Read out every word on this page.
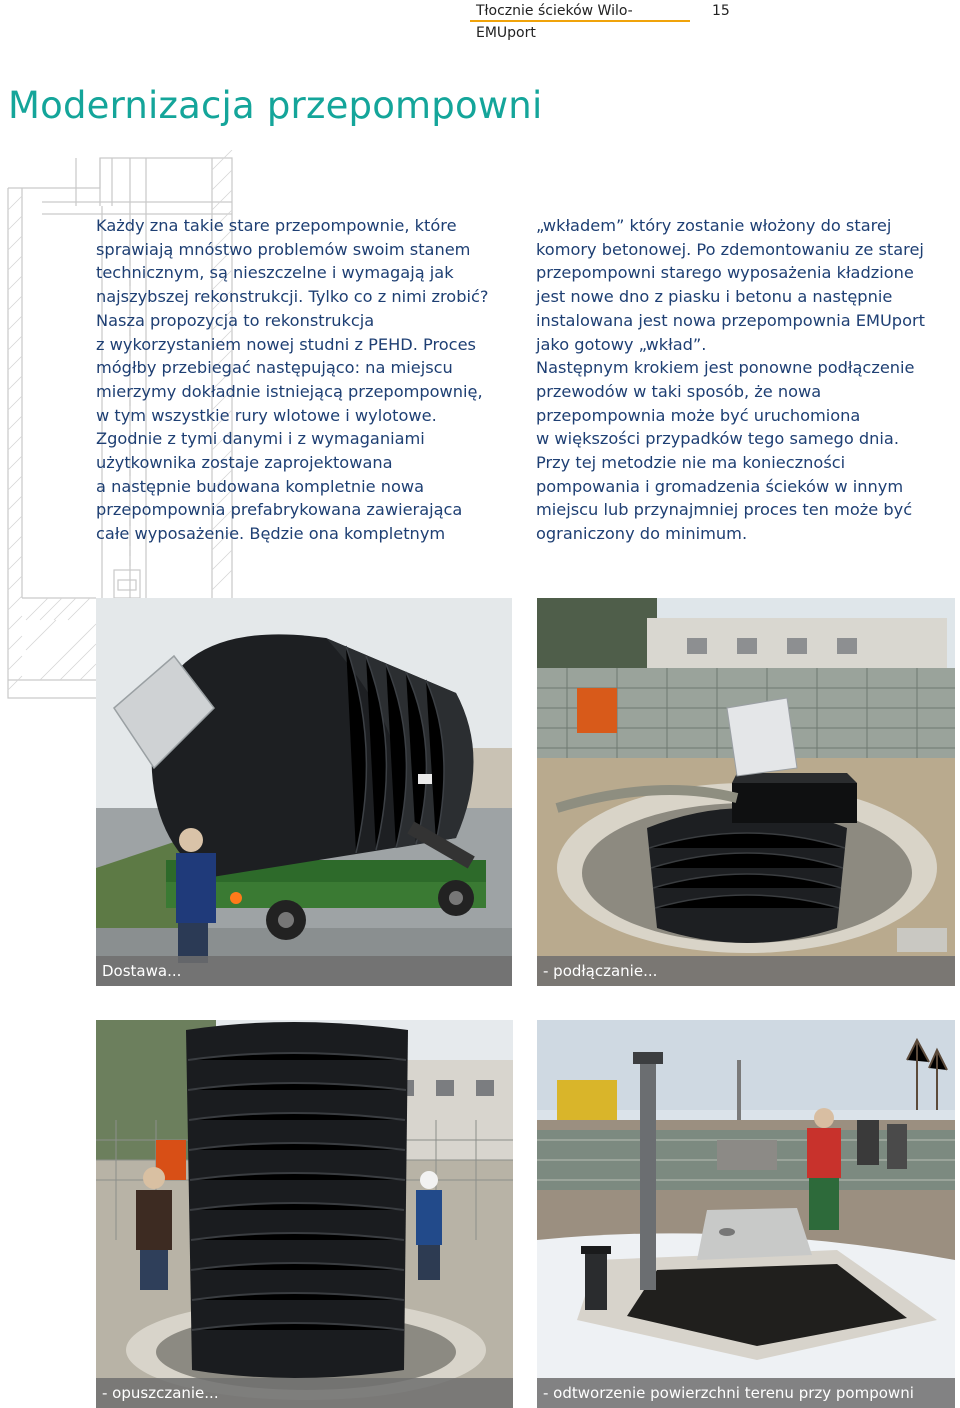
Tłocznie ścieków Wilo-EMUport
15
Modernizacja przepompowni

Każdy zna takie stare przepompownie, które

sprawiają mnóstwo problemów swoim stanem

technicznym, są nieszczelne i wymagają jak

najszybszej rekonstrukcji. Tylko co z nimi zrobić?

Nasza propozycja to rekonstrukcja

z wykorzystaniem nowej studni z PEHD. Proces

mógłby przebiegać następująco: na miejscu

mierzymy dokładnie istniejącą przepompownię,

w tym wszystkie rury wlotowe i wylotowe.

Zgodnie z tymi danymi i z wymaganiami

użytkownika zostaje zaprojektowana

a następnie budowana kompletnie nowa

przepompownia prefabrykowana zawierająca

całe wyposażenie. Będzie ona kompletnym

„wkładem” który zostanie włożony do starej

komory betonowej. Po zdemontowaniu ze starej

przepompowni starego wyposażenia kładzione

jest nowe dno z piasku i betonu a następnie

instalowana jest nowa przepompownia EMUport

jako gotowy „wkład”.

Następnym krokiem jest ponowne podłączenie

przewodów w taki sposób, że nowa

przepompownia może być uruchomiona

w większości przypadków tego samego dnia.

Przy tej metodzie nie ma konieczności

pompowania i gromadzenia ścieków w innym

miejscu lub przynajmniej proces ten może być

ograniczony do minimum.

Dostawa...	- podłączanie...
- opuszczanie...	- odtworzenie powierzchni terenu przy pompowni
